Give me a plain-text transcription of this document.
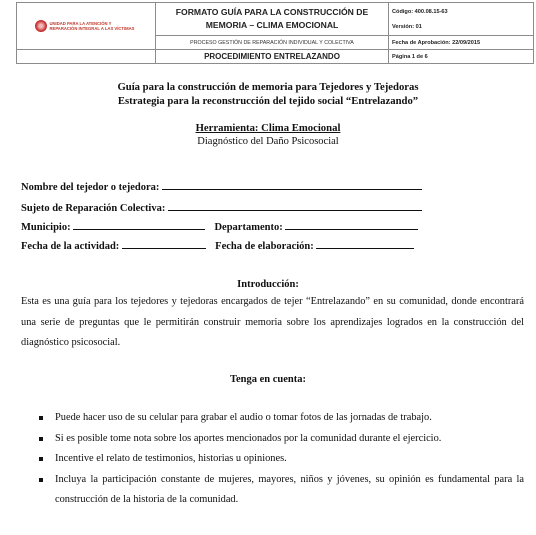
UNIDAD PARA LA ATENCIÓN Y REPARACIÓN INTEGRAL A LAS VÍCTIMAS	FORMATO GUÍA PARA LA CONSTRUCCIÓN DE MEMORIA – CLIMA EMOCIONAL	Código: 400.08.15-63
Versión: 01

	PROCESO GESTIÓN DE REPARACIÓN INDIVIDUAL Y COLECTIVA	Fecha de Aprobación: 22/09/2015

	PROCEDIMIENTO ENTRELAZANDO	Página 1 de 6
Guía para la construcción de memoria para Tejedores y Tejedoras
Estrategia para la reconstrucción del tejido social “Entrelazando”
Herramienta: Clima Emocional
Diagnóstico del Daño Psicosocial
Nombre del tejedor o tejedora:
Sujeto de Reparación Colectiva:
Municipio:	Departamento:
Fecha de la actividad:	Fecha de elaboración:
Introducción:
Esta es una guía para los tejedores y tejedoras encargados de tejer “Entrelazando” en su comunidad, donde encontrará una serie de preguntas que le permitirán construir memoria sobre los aprendizajes logrados en la construcción del diagnóstico psicosocial.
Tenga en cuenta:
Puede hacer uso de su celular para grabar el audio o tomar fotos de las jornadas de trabajo.
Si es posible tome nota sobre los aportes mencionados por la comunidad durante el ejercicio.
Incentive el relato de testimonios, historias u opiniones.
Incluya la participación constante de mujeres, mayores, niños y jóvenes, su opinión es fundamental para la construcción de la historia de la comunidad.
